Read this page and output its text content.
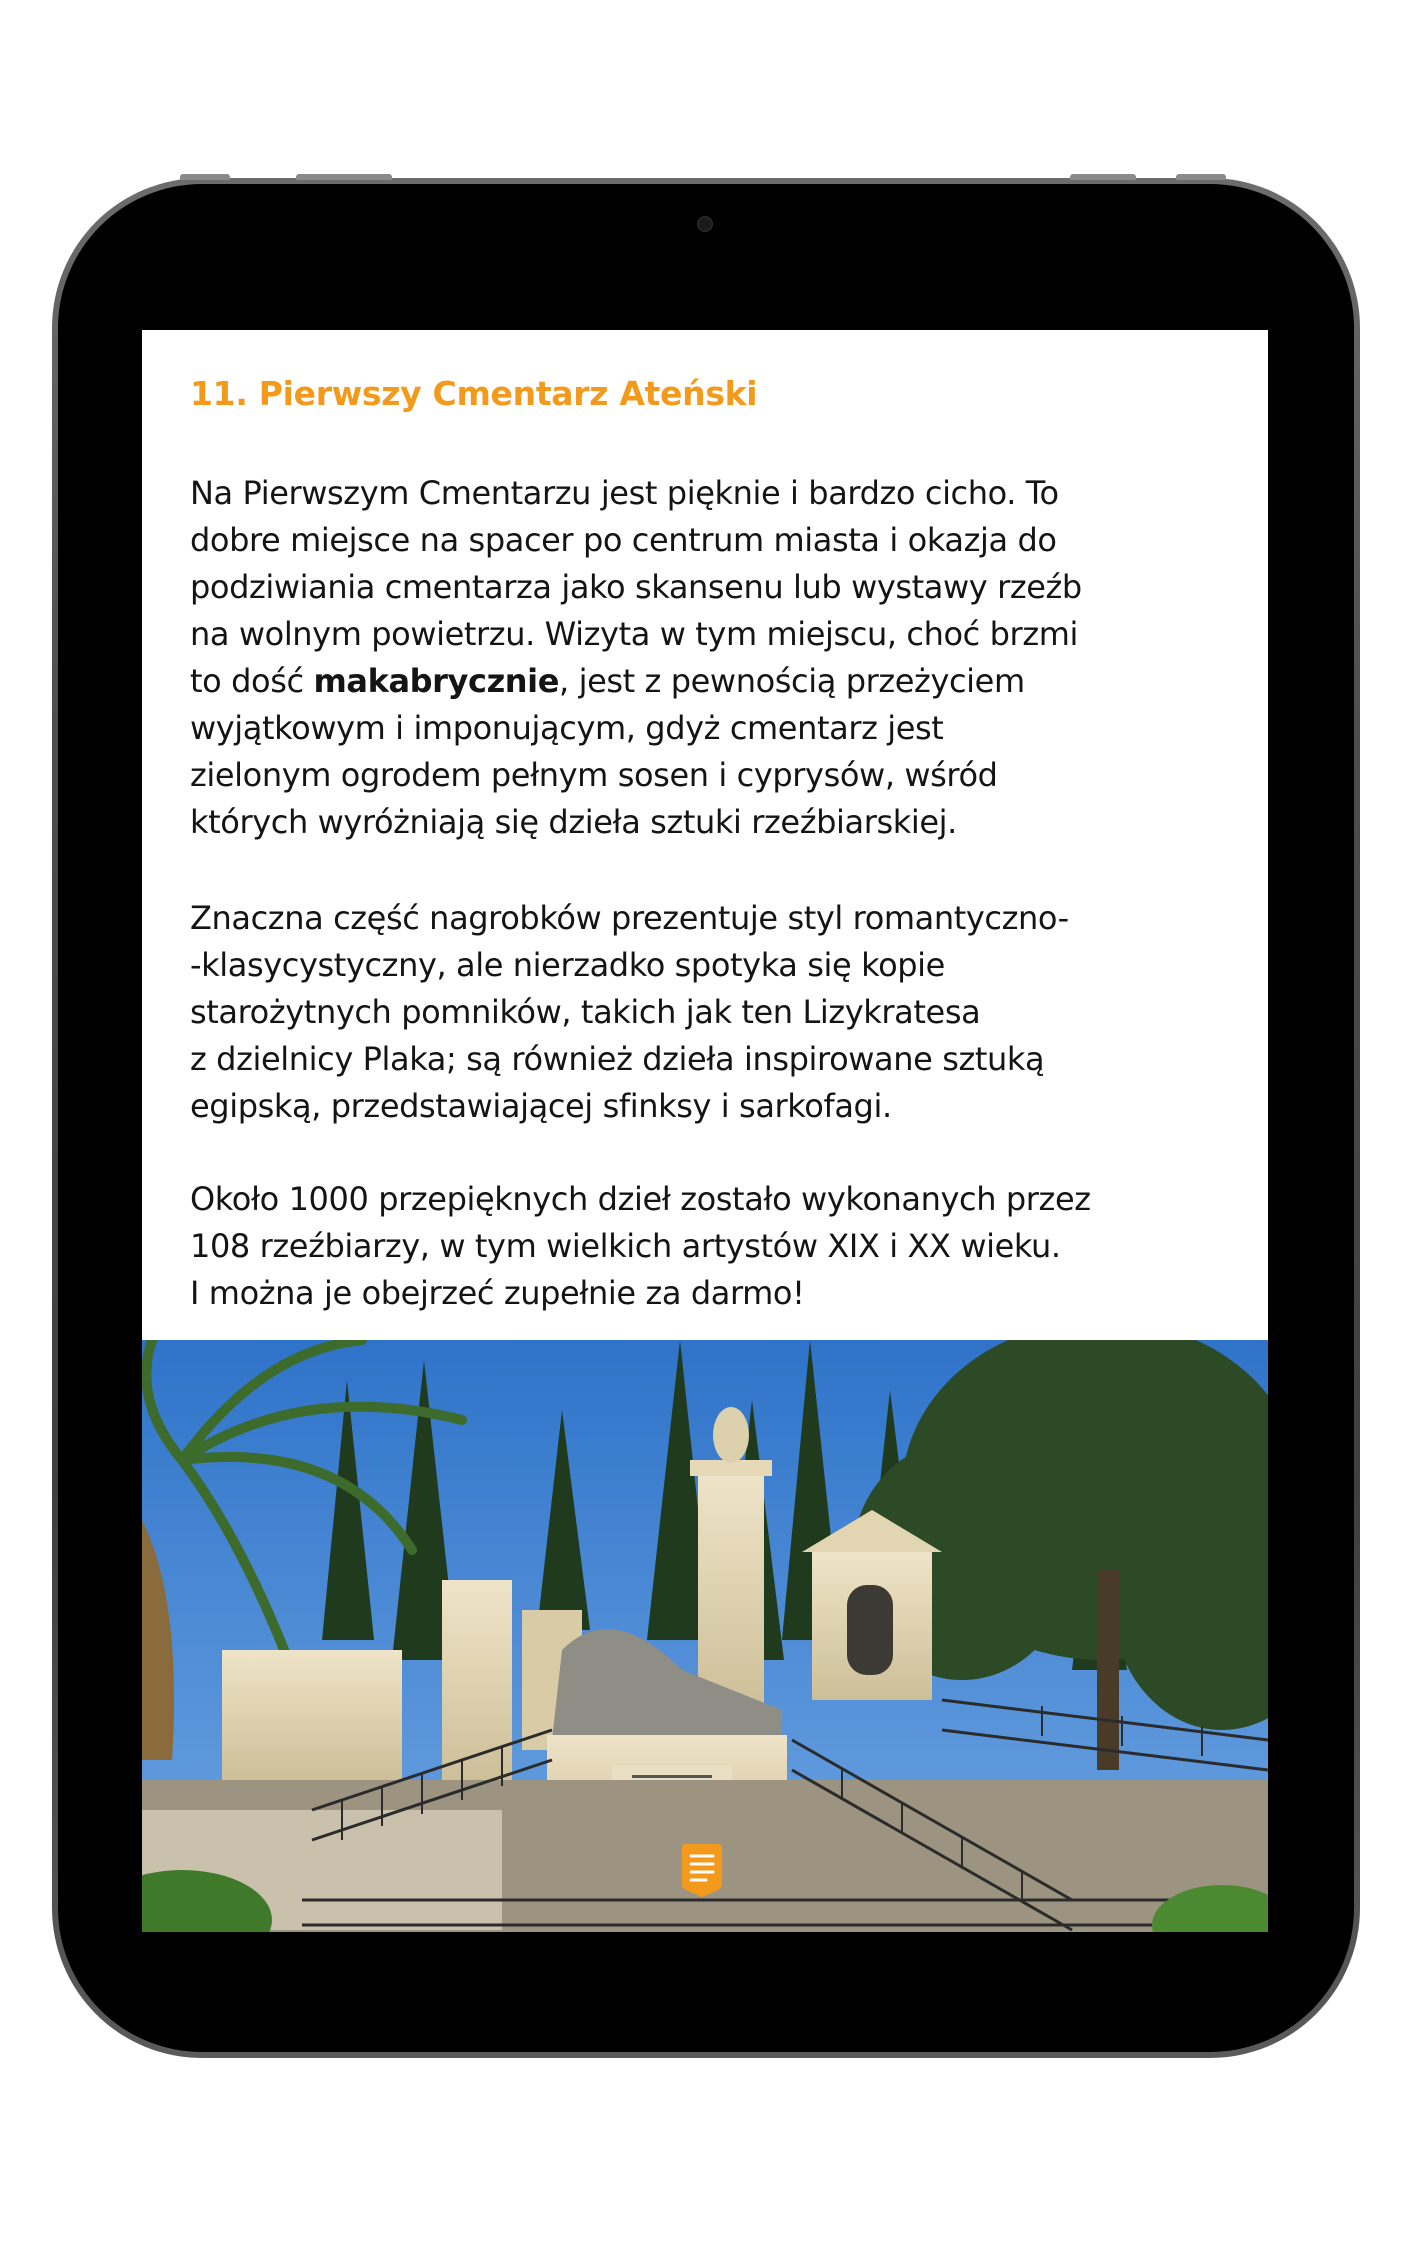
11. Pierwszy Cmentarz Ateński

Na Pierwszym Cmentarzu jest pięknie i bardzo cicho. To
dobre miejsce na spacer po centrum miasta i okazja do
podziwiania cmentarza jako skansenu lub wystawy rzeźb
na wolnym powietrzu. Wizyta w tym miejscu, choć brzmi
to dość makabrycznie, jest z pewnością przeżyciem
wyjątkowym i imponującym, gdyż cmentarz jest
zielonym ogrodem pełnym sosen i cyprysów, wśród
których wyróżniają się dzieła sztuki rzeźbiarskiej.

Znaczna część nagrobków prezentuje styl romantyczno-
-klasycystyczny, ale nierzadko spotyka się kopie
starożytnych pomników, takich jak ten Lizykratesa
z dzielnicy Plaka; są również dzieła inspirowane sztuką
egipską, przedstawiającej sfinksy i sarkofagi.

Około 1000 przepięknych dzieł zostało wykonanych przez
108 rzeźbiarzy, w tym wielkich artystów XIX i XX wieku.
I można je obejrzeć zupełnie za darmo!
